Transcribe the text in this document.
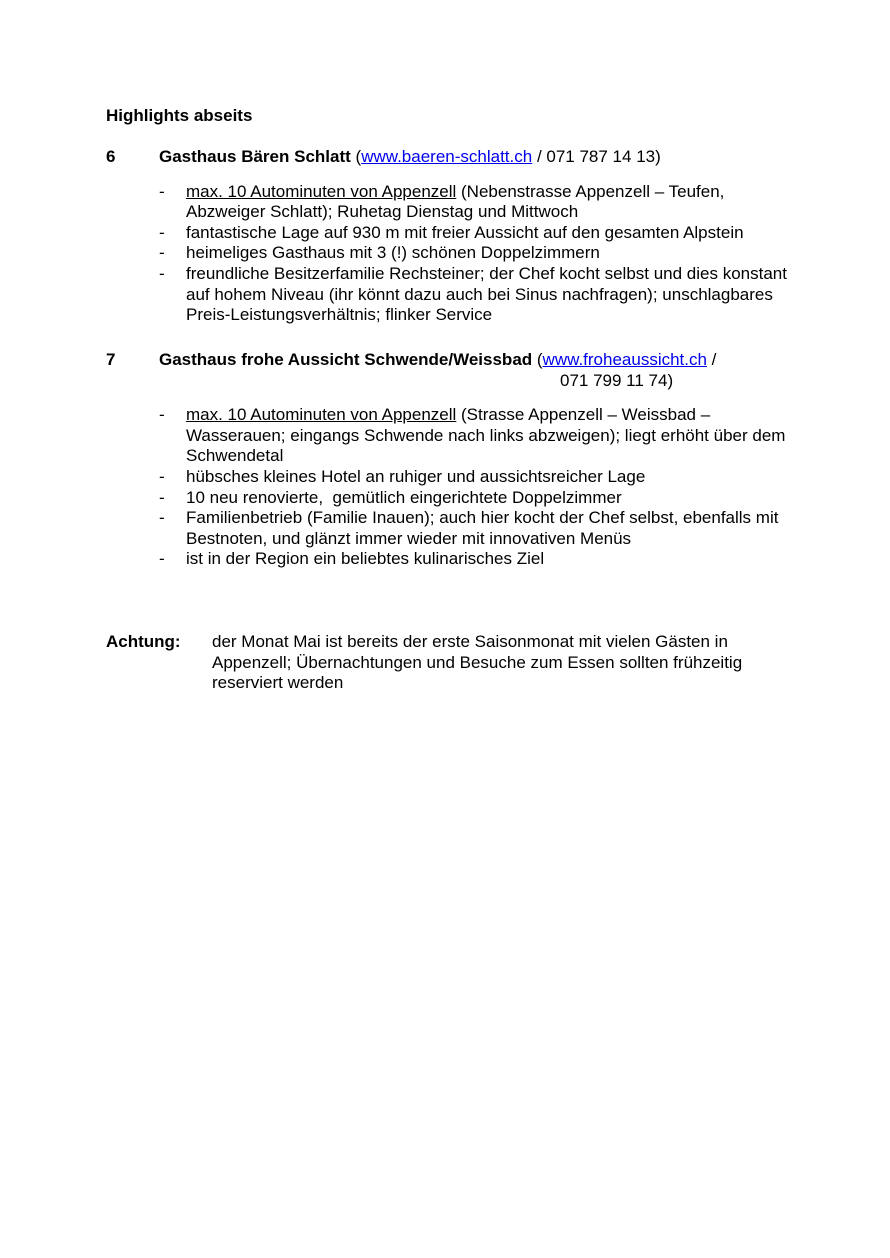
Highlights abseits
6	Gasthaus Bären Schlatt (www.baeren-schlatt.ch / 071 787 14 13)
- max. 10 Autominuten von Appenzell (Nebenstrasse Appenzell – Teufen, Abzweiger Schlatt); Ruhetag Dienstag und Mittwoch
- fantastische Lage auf 930 m mit freier Aussicht auf den gesamten Alpstein
- heimeliges Gasthaus mit 3 (!) schönen Doppelzimmern
- freundliche Besitzerfamilie Rechsteiner; der Chef kocht selbst und dies konstant auf hohem Niveau (ihr könnt dazu auch bei Sinus nachfragen); unschlagbares Preis-Leistungsverhältnis; flinker Service
7	Gasthaus frohe Aussicht Schwende/Weissbad (www.froheaussicht.ch /
071 799 11 74)
- max. 10 Autominuten von Appenzell (Strasse Appenzell – Weissbad – Wasserauen; eingangs Schwende nach links abzweigen); liegt erhöht über dem Schwendetal
- hübsches kleines Hotel an ruhiger und aussichtsreicher Lage
- 10 neu renovierte,  gemütlich eingerichtete Doppelzimmer
- Familienbetrieb (Familie Inauen); auch hier kocht der Chef selbst, ebenfalls mit Bestnoten, und glänzt immer wieder mit innovativen Menüs
- ist in der Region ein beliebtes kulinarisches Ziel
Achtung: der Monat Mai ist bereits der erste Saisonmonat mit vielen Gästen in Appenzell; Übernachtungen und Besuche zum Essen sollten frühzeitig reserviert werden
